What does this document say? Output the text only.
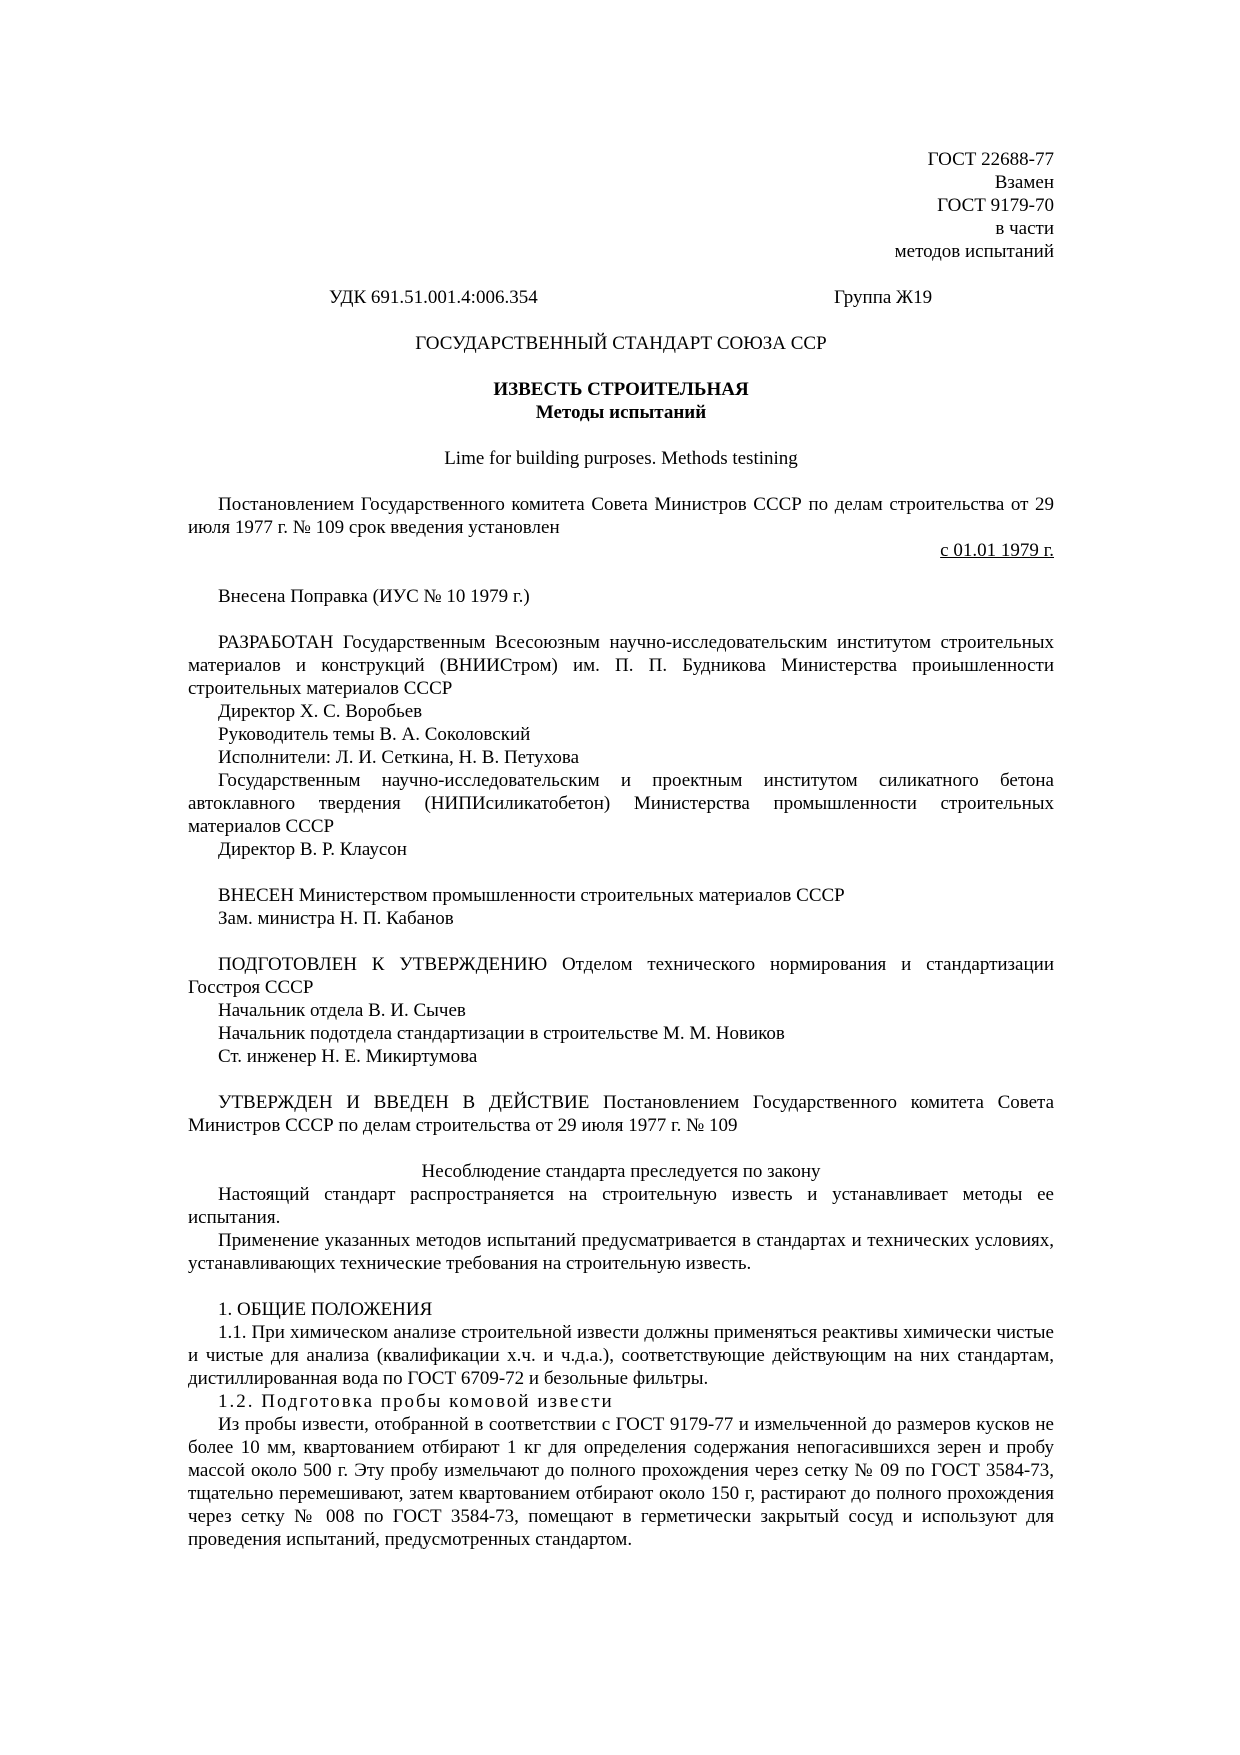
ГОСТ 22688-77

Взамен

ГОСТ 9179-70

в части

методов испытаний

УДК 691.51.001.4:006.354	Группа Ж19

ГОСУДАРСТВЕННЫЙ СТАНДАРТ СОЮЗА ССР

ИЗВЕСТЬ СТРОИТЕЛЬНАЯ

Методы испытаний

Lime for building purposes. Methods testining

Постановлением Государственного комитета Совета Министров СССР по делам строительства от 29 июля 1977 г. № 109 срок введения установлен

с 01.01 1979 г.

Внесена Поправка (ИУС № 10 1979 г.)

РАЗРАБОТАН Государственным Всесоюзным научно-исследовательским институтом строительных материалов и конструкций (ВНИИСтром) им. П. П. Будникова Министерства проиышленности строительных материалов СССР

Директор X. С. Воробьев

Руководитель темы В. А. Соколовский

Исполнители: Л. И. Сеткина, Н. В. Петухова

Государственным научно-исследовательским и проектным институтом силикатного бетона автоклавного твердения (НИПИсиликатобетон) Министерства промышленности строительных материалов СССР

Директор В. Р. Клаусон

ВНЕСЕН Министерством промышленности строительных материалов СССР

Зам. министра Н. П. Кабанов

ПОДГОТОВЛЕН К УТВЕРЖДЕНИЮ Отделом технического нормирования и стандартизации Госстроя СССР

Начальник отдела В. И. Сычев

Начальник подотдела стандартизации в строительстве М. М. Новиков

Ст. инженер Н. Е. Микиртумова

УТВЕРЖДЕН И ВВЕДЕН В ДЕЙСТВИЕ Постановлением Государственного комитета Совета Министров СССР по делам строительства от 29 июля 1977 г. № 109

Несоблюдение стандарта преследуется по закону

Настоящий стандарт распространяется на строительную известь и устанавливает методы ее испытания.

Применение указанных методов испытаний предусматривается в стандартах и технических условиях, устанавливающих технические требования на строительную известь.

1. ОБЩИЕ ПОЛОЖЕНИЯ

1.1. При химическом анализе строительной извести должны применяться реактивы химически чистые и чистые для анализа (квалификации х.ч. и ч.д.а.), соответствующие действующим на них стандартам, дистиллированная вода по ГОСТ 6709-72 и безольные фильтры.

1.2. Подготовка пробы комовой извести

Из пробы извести, отобранной в соответствии с ГОСТ 9179-77 и измельченной до размеров кусков не более 10 мм, квартованием отбирают 1 кг для определения содержания непогасившихся зерен и пробу массой около 500 г. Эту пробу измельчают до полного прохождения через сетку № 09 по ГОСТ 3584-73, тщательно перемешивают, затем квартованием отбирают около 150 г, растирают до полного прохождения через сетку № 008 по ГОСТ 3584-73, помещают в герметически закрытый сосуд и используют для проведения испытаний, предусмотренных стандартом.
